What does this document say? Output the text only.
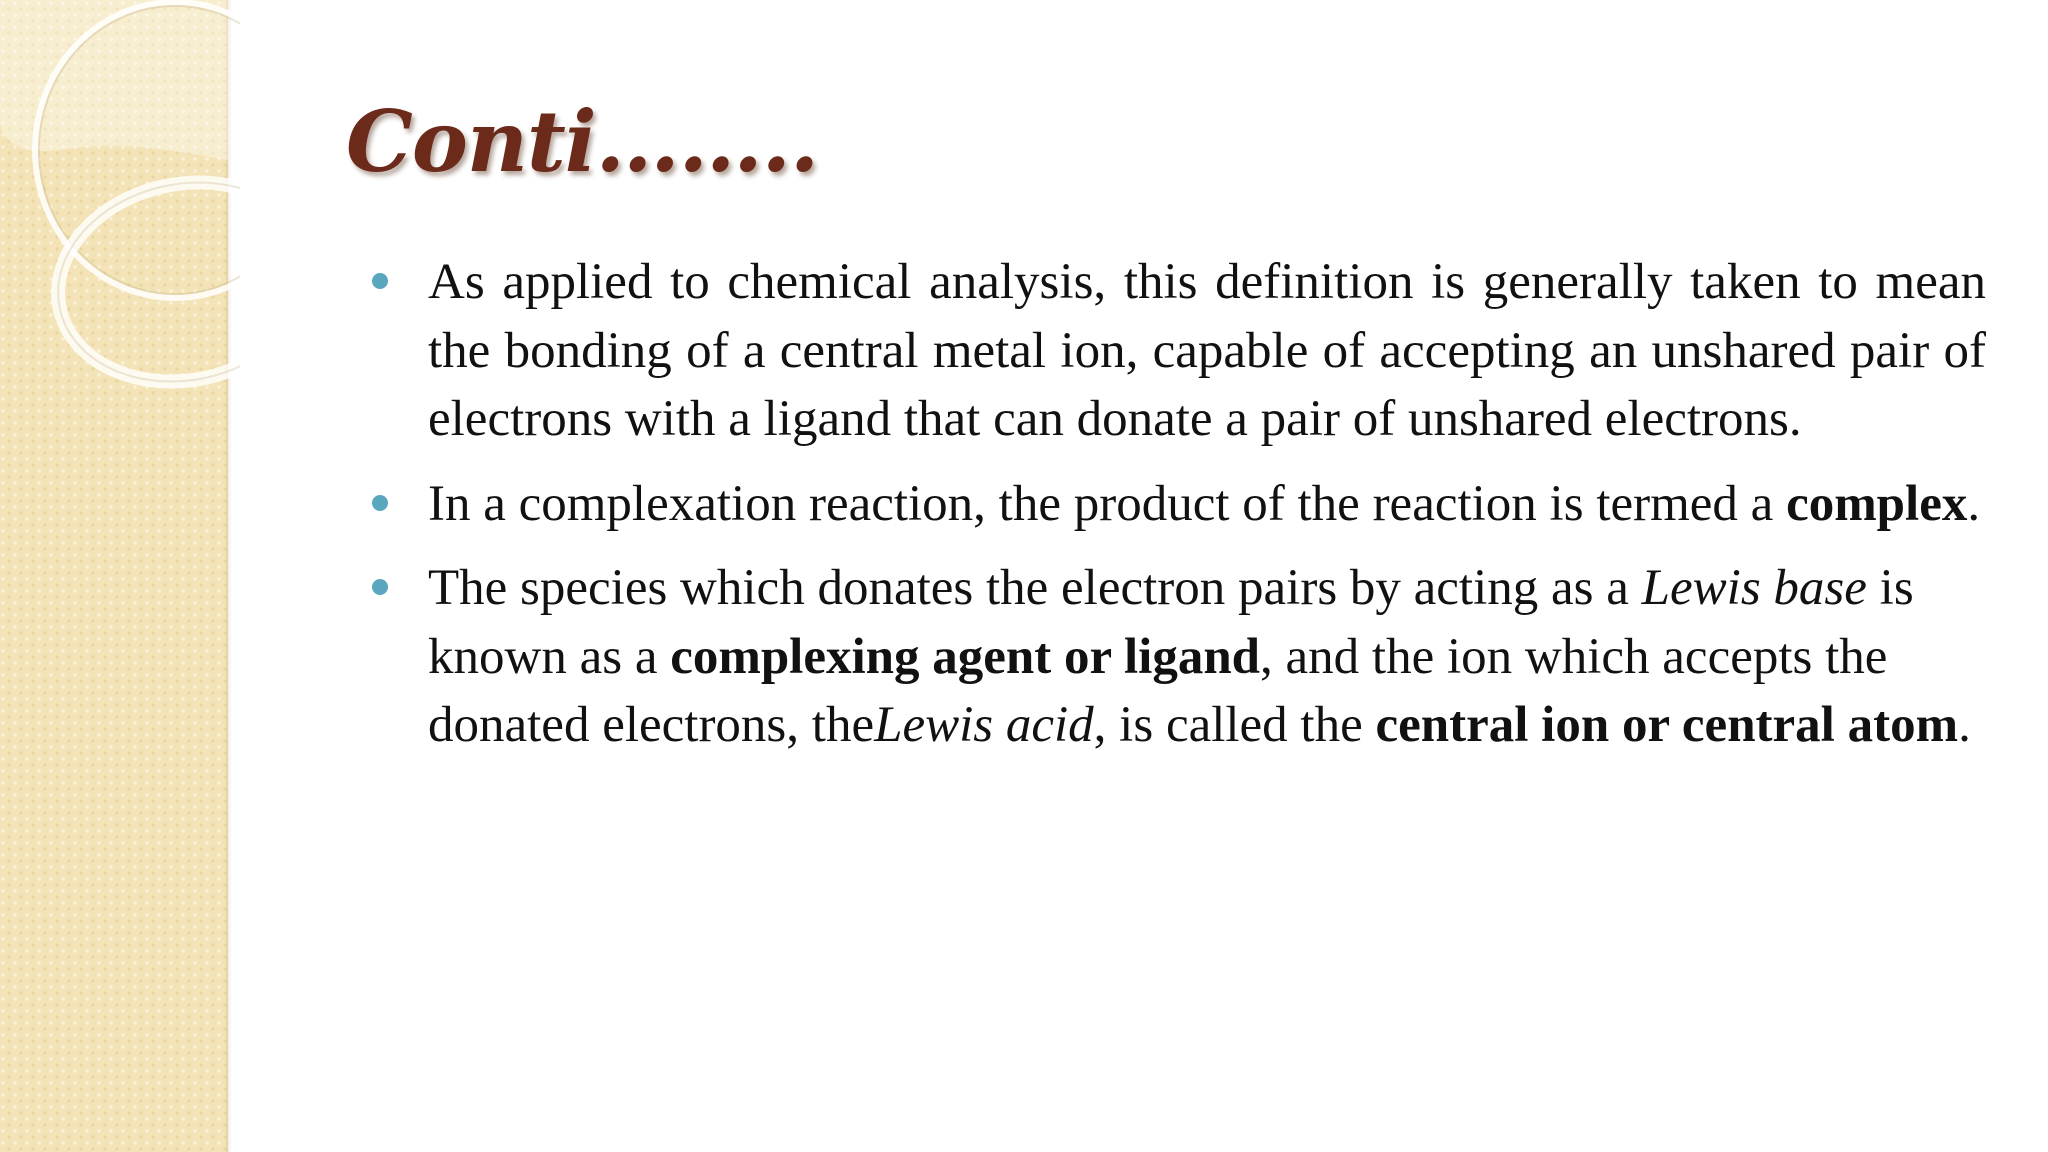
Conti……..
As applied to chemical analysis, this definition is generally taken to mean the bonding of a central metal ion, capable of accepting an unshared pair of electrons with a ligand that can donate a pair of unshared electrons.
In a complexation reaction, the product of the reaction is termed a complex.
The species which donates the electron pairs by acting as a Lewis base is known as a complexing agent or ligand, and the ion which accepts the donated electrons, theLewis acid, is called the central ion or central atom.
